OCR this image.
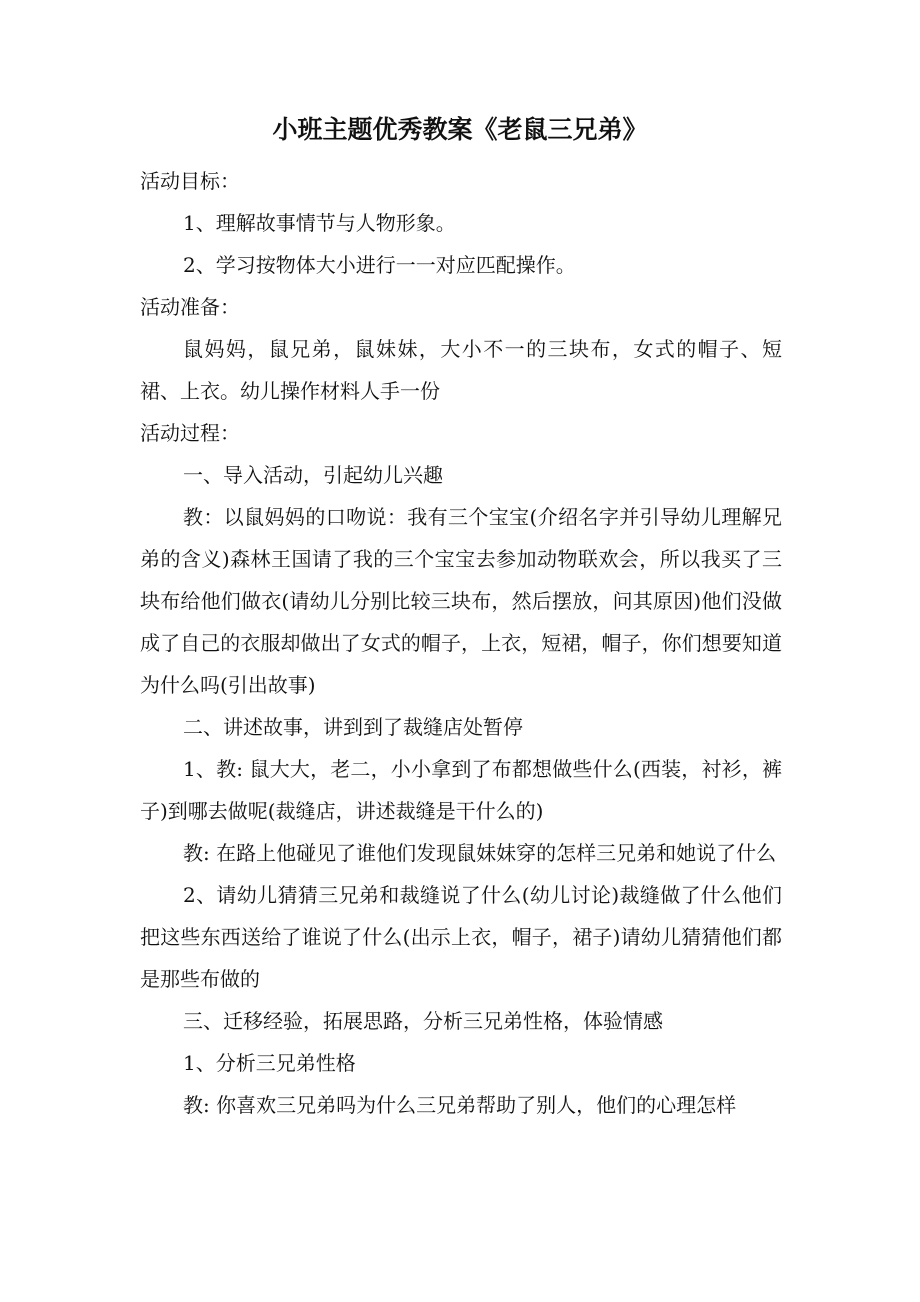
小班主题优秀教案《老鼠三兄弟》

活动目标：

1、理解故事情节与人物形象。

2、学习按物体大小进行一一对应匹配操作。

活动准备：

鼠妈妈，鼠兄弟，鼠妹妹，大小不一的三块布，女式的帽子、短裙、上衣。幼儿操作材料人手一份

活动过程：

一、导入活动，引起幼儿兴趣

教：以鼠妈妈的口吻说：我有三个宝宝(介绍名字并引导幼儿理解兄弟的含义)森林王国请了我的三个宝宝去参加动物联欢会，所以我买了三块布给他们做衣(请幼儿分别比较三块布，然后摆放，问其原因)他们没做成了自己的衣服却做出了女式的帽子，上衣，短裙，帽子，你们想要知道为什么吗(引出故事)

二、讲述故事，讲到到了裁缝店处暂停

1、教: 鼠大大，老二，小小拿到了布都想做些什么(西装，衬衫，裤子)到哪去做呢(裁缝店，讲述裁缝是干什么的)

教: 在路上他碰见了谁他们发现鼠妹妹穿的怎样三兄弟和她说了什么

2、请幼儿猜猜三兄弟和裁缝说了什么(幼儿讨论)裁缝做了什么他们把这些东西送给了谁说了什么(出示上衣，帽子，裙子)请幼儿猜猜他们都是那些布做的

三、迁移经验，拓展思路，分析三兄弟性格，体验情感

1、分析三兄弟性格

教: 你喜欢三兄弟吗为什么三兄弟帮助了别人，他们的心理怎样
